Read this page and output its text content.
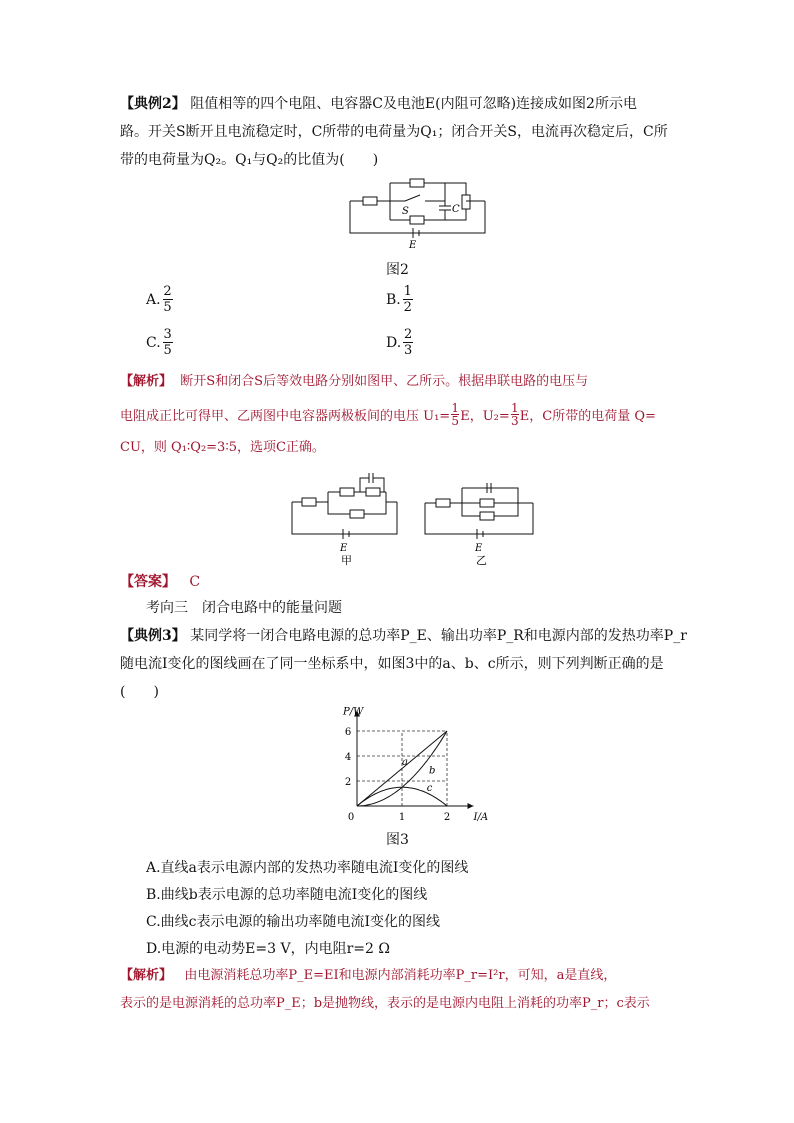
【典例2】 阻值相等的四个电阻、电容器C及电池E(内阻可忽略)连接成如图2所示电
路。开关S断开且电流稳定时，C所带的电荷量为Q₁；闭合开关S，电流再次稳定后，C所
带的电荷量为Q₂。Q₁与Q₂的比值为(　　)
S	C
E
图2
A. $\frac{2}{5}$	B. $\frac{1}{2}$
C. $\frac{3}{5}$	D. $\frac{2}{3}$
【解析】 断开S和闭合S后等效电路分别如图甲、乙所示。根据串联电路的电压与
电阻成正比可得甲、乙两图中电容器两极板间的电压 $U_1= \frac{1}{5}$ E，$U_2= \frac{1}{3}$ E，C所带的电荷量 Q=
CU，则 Q₁∶Q₂=3∶5，选项C正确。
E
甲
E
乙
【答案】 C
考向三　闭合电路中的能量问题
【典例3】 某同学将一闭合电路电源的总功率P_E、输出功率P_R和电源内部的发热功率P_r
随电流I变化的图线画在了同一坐标系中，如图3中的a、b、c所示，则下列判断正确的是
(　　)
2
4
6
0	1	2
P/W
I/A
a
b
c
图3
A.直线a表示电源内部的发热功率随电流I变化的图线
B.曲线b表示电源的总功率随电流I变化的图线
C.曲线c表示电源的输出功率随电流I变化的图线
D.电源的电动势E=3 V，内电阻r=2 Ω
【解析】 由电源消耗总功率P_E=EI和电源内部消耗功率P_r=I²r，可知，a是直线，
表示的是电源消耗的总功率P_E；b是抛物线，表示的是电源内电阻上消耗的功率P_r；c表示
